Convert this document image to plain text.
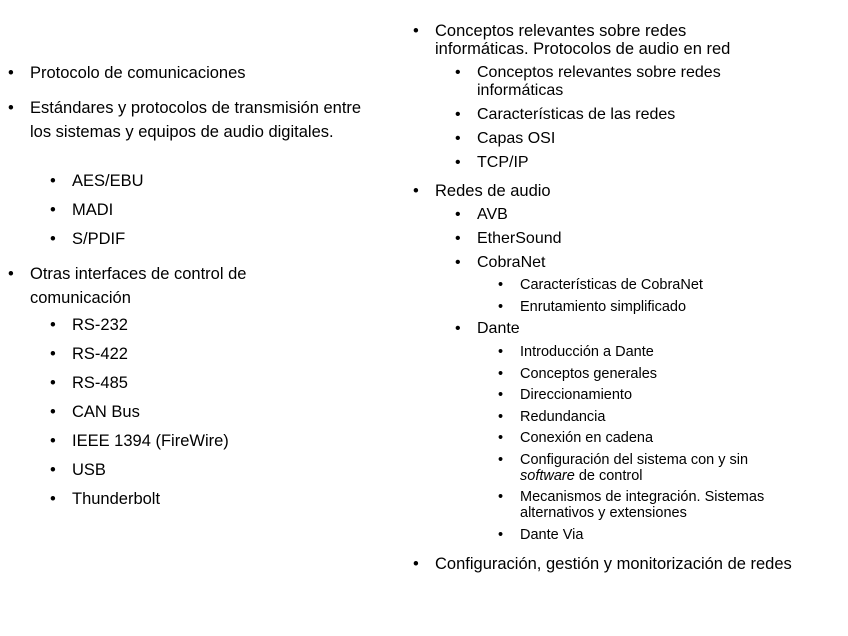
• Protocolo de comunicaciones
• Estándares y protocolos de transmisión entre los sistemas y equipos de audio digitales.
• AES/EBU
• MADI
• S/PDIF
• Otras interfaces de control de comunicación
• RS-232
• RS-422
• RS-485
• CAN Bus
• IEEE 1394 (FireWire)
• USB
• Thunderbolt
• Conceptos relevantes sobre redes informáticas. Protocolos de audio en red
• Conceptos relevantes sobre redes informáticas
• Características de las redes
• Capas OSI
• TCP/IP
• Redes de audio
• AVB
• EtherSound
• CobraNet
•	Características de CobraNet
•	Enrutamiento simplificado
• Dante
•	Introducción a Dante
•	Conceptos generales
•	Direccionamiento
•	Redundancia
•	Conexión en cadena
•	Configuración del sistema con y sin
software de control
•	Mecanismos de integración. Sistemas alternativos y extensiones
•	Dante Via
• Configuración, gestión y monitorización de redes
